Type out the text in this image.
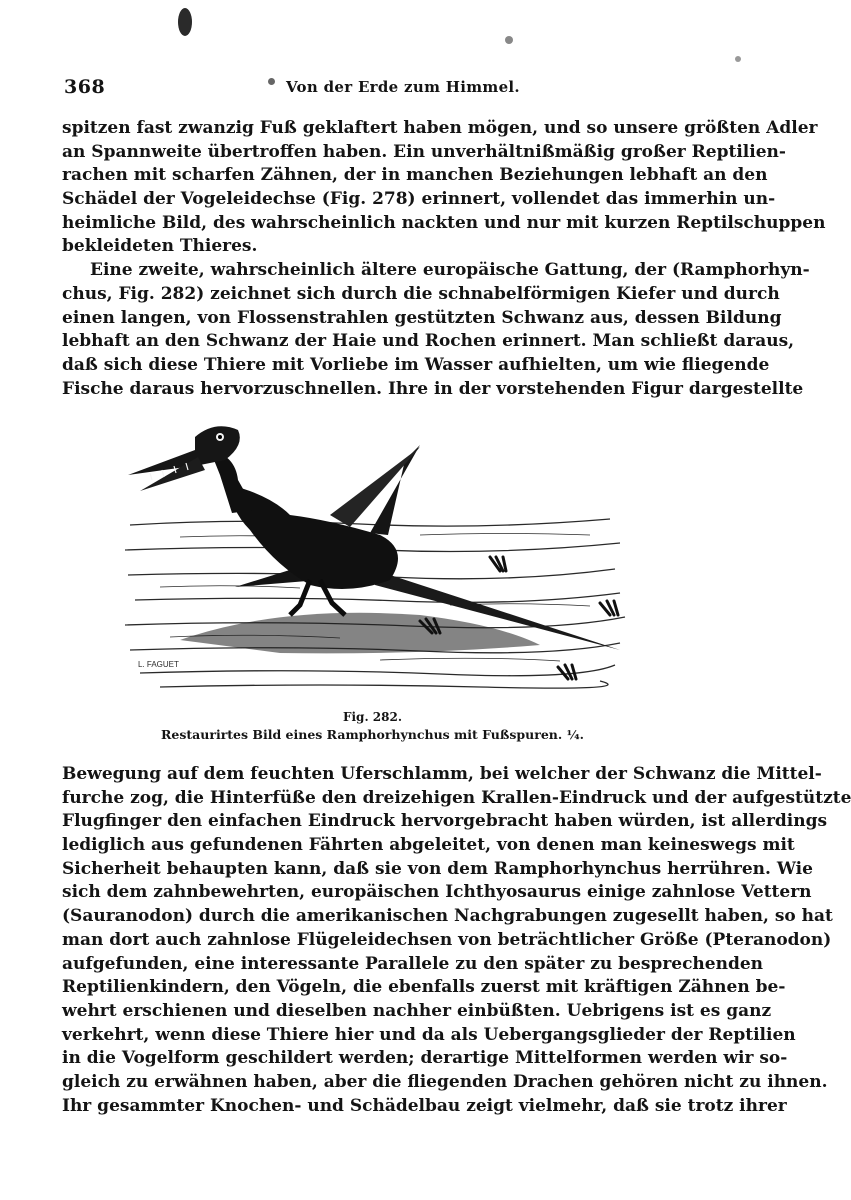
368	Von der Erde zum Himmel.
spitzen fast zwanzig Fuß geklaftert haben mögen, und so unsere größten Adler
an Spannweite übertroffen haben. Ein unverhältnißmäßig großer Reptilien-
rachen mit scharfen Zähnen, der in manchen Beziehungen lebhaft an den
Schädel der Vogeleidechse (Fig. 278) erinnert, vollendet das immerhin un-
heimliche Bild, des wahrscheinlich nackten und nur mit kurzen Reptilschuppen
bekleideten Thieres.
Eine zweite, wahrscheinlich ältere europäische Gattung, der (Ramphorhyn-
chus, Fig. 282) zeichnet sich durch die schnabelförmigen Kiefer und durch
einen langen, von Flossenstrahlen gestützten Schwanz aus, dessen Bildung
lebhaft an den Schwanz der Haie und Rochen erinnert. Man schließt daraus,
daß sich diese Thiere mit Vorliebe im Wasser aufhielten, um wie fliegende
Fische daraus hervorzuschnellen. Ihre in der vorstehenden Figur dargestellte
L. FAGUET
Fig. 282.
Restaurirtes Bild eines Ramphorhynchus mit Fußspuren. ¼.
Bewegung auf dem feuchten Uferschlamm, bei welcher der Schwanz die Mittel-
furche zog, die Hinterfüße den dreizehigen Krallen-Eindruck und der aufgestützte
Flugfinger den einfachen Eindruck hervorgebracht haben würden, ist allerdings
lediglich aus gefundenen Fährten abgeleitet, von denen man keineswegs mit
Sicherheit behaupten kann, daß sie von dem Ramphorhynchus herrühren. Wie
sich dem zahnbewehrten, europäischen Ichthyosaurus einige zahnlose Vettern
(Sauranodon) durch die amerikanischen Nachgrabungen zugesellt haben, so hat
man dort auch zahnlose Flügeleidechsen von beträchtlicher Größe (Pteranodon)
aufgefunden, eine interessante Parallele zu den später zu besprechenden
Reptilienkindern, den Vögeln, die ebenfalls zuerst mit kräftigen Zähnen be-
wehrt erschienen und dieselben nachher einbüßten. Uebrigens ist es ganz
verkehrt, wenn diese Thiere hier und da als Uebergangsglieder der Reptilien
in die Vogelform geschildert werden; derartige Mittelformen werden wir so-
gleich zu erwähnen haben, aber die fliegenden Drachen gehören nicht zu ihnen.
Ihr gesammter Knochen- und Schädelbau zeigt vielmehr, daß sie trotz ihrer
